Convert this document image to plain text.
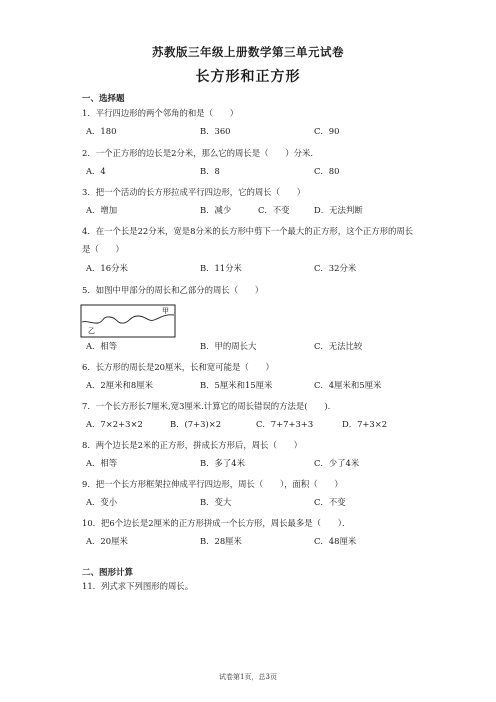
苏教版三年级上册数学第三单元试卷
长方形和正方形
一、选择题
1．平行四边形的两个邻角的和是（　　）
A．180	B．360	C．90
2．一个正方形的边长是2分米，那么它的周长是（　　）分米.
A．4	B．8	C．80
3．把一个活动的长方形拉成平行四边形，它的周长（　　）
A．增加	B．减少	C．不变	D．无法判断
4．在一个长是22分米，宽是8分米的长方形中剪下一个最大的正方形，这个正方形的周长是（　　）
A．16分米	B．11分米	C．32分米
5．如图中甲部分的周长和乙部分的周长（　　）
甲
乙
A．相等	B．甲的周长大	C．无法比较
6．长方形的周长是20厘米，长和宽可能是（　　）
A．2厘米和8厘米	B．5厘米和15厘米	C．4厘米和5厘米
7．一个长方形长7厘米,宽3厘米.计算它的周长错误的方法是(　　).
A．7×2+3×2	B．(7+3)×2	C．7+7+3+3	D．7+3×2
8．两个边长是2米的正方形，拼成长方形后，周长（　　）
A．相等	B．多了4米	C．少了4米
9．把一个长方形框架拉伸成平行四边形，周长（　　），面积（　　）
A．变小	B．变大	C．不变
10．把6个边长是2厘米的正方形拼成一个长方形，周长最多是（　　）．
A．20厘米	B．28厘米	C．48厘米
二、图形计算
11．列式求下列图形的周长。
试卷第1页，总3页
